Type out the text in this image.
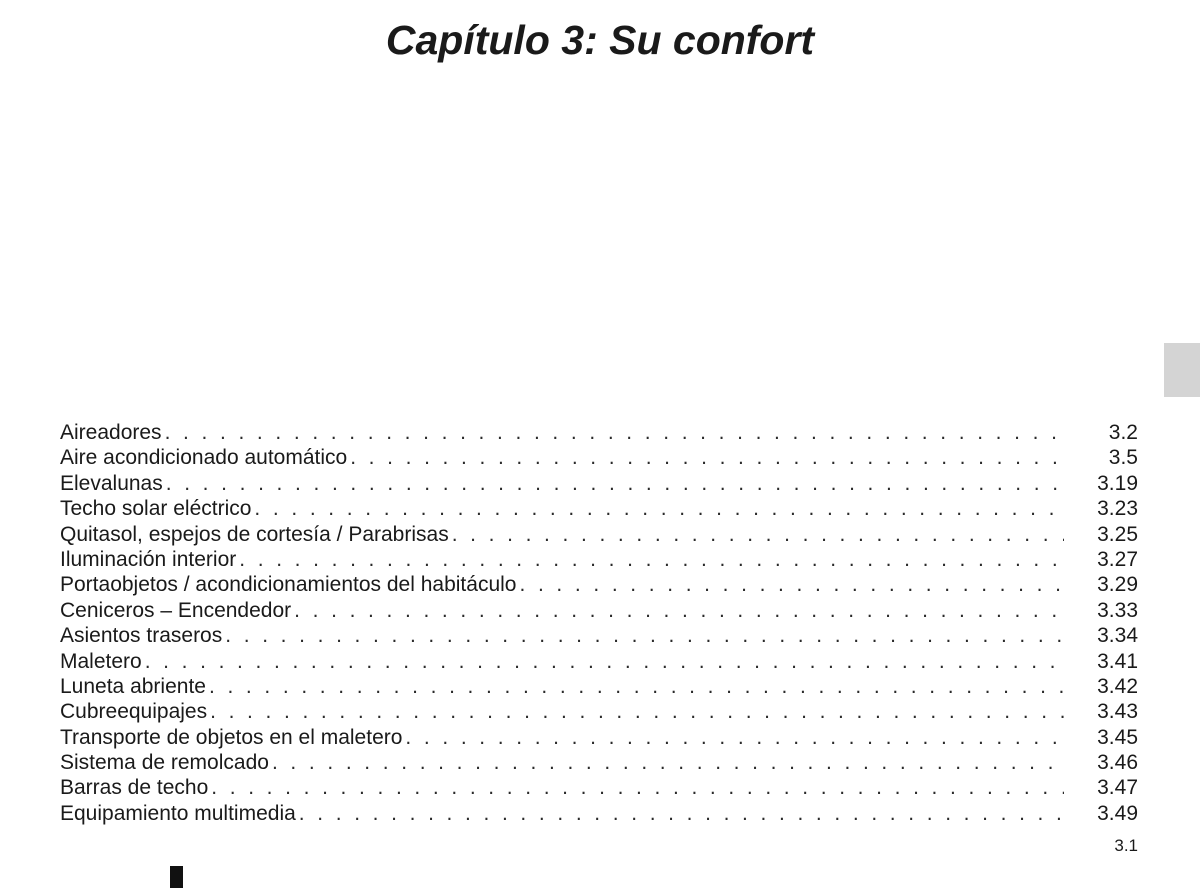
Capítulo 3: Su confort
Aireadores . . .	3.2
Aire acondicionado automático . . .	3.5
Elevalunas . . .	3.19
Techo solar eléctrico . . .	3.23
Quitasol, espejos de cortesía / Parabrisas . . .	3.25
Iluminación interior . . .	3.27
Portaobjetos / acondicionamientos del habitáculo . . .	3.29
Ceniceros – Encendedor . . .	3.33
Asientos traseros . . .	3.34
Maletero . . .	3.41
Luneta abriente . . .	3.42
Cubreequipajes . . .	3.43
Transporte de objetos en el maletero . . .	3.45
Sistema de remolcado . . .	3.46
Barras de techo . . .	3.47
Equipamiento multimedia . . .	3.49
3.1
